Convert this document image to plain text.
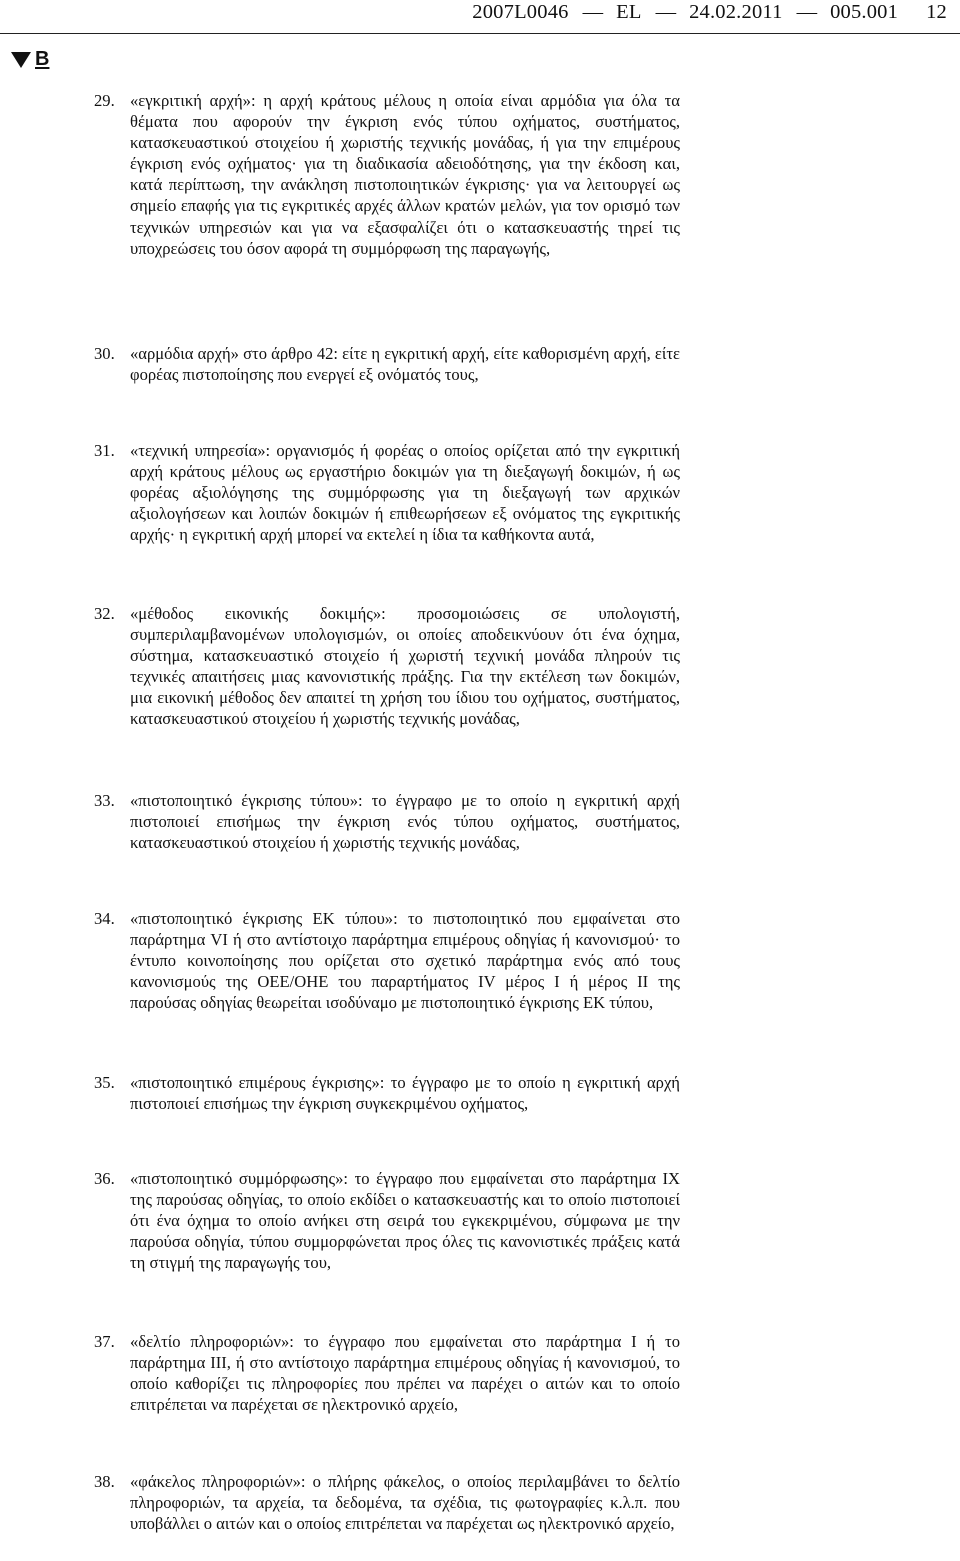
2007L0046 — EL — 24.02.2011 — 005.001 12
B
29. «εγκριτική αρχή»: η αρχή κράτους μέλους η οποία είναι αρμόδια για όλα τα θέματα που αφορούν την έγκριση ενός τύπου οχήματος, συστήματος, κατασκευαστικού στοιχείου ή χωριστής τεχνικής μονάδας, ή για την επιμέρους έγκριση ενός οχήματος· για τη διαδικασία αδειοδότησης, για την έκδοση και, κατά περίπτωση, την ανάκληση πιστοποιητικών έγκρισης· για να λειτουργεί ως σημείο επαφής για τις εγκριτικές αρχές άλλων κρατών μελών, για τον ορισμό των τεχνικών υπηρεσιών και για να εξασφαλίζει ότι ο κατασκευαστής τηρεί τις υποχρεώσεις του όσον αφορά τη συμμόρφωση της παραγωγής,
30. «αρμόδια αρχή» στο άρθρο 42: είτε η εγκριτική αρχή, είτε καθορισμένη αρχή, είτε φορέας πιστοποίησης που ενεργεί εξ ονόματός τους,
31. «τεχνική υπηρεσία»: οργανισμός ή φορέας ο οποίος ορίζεται από την εγκριτική αρχή κράτους μέλους ως εργαστήριο δοκιμών για τη διεξαγωγή δοκιμών, ή ως φορέας αξιολόγησης της συμμόρφωσης για τη διεξαγωγή των αρχικών αξιολογήσεων και λοιπών δοκιμών ή επιθεωρήσεων εξ ονόματος της εγκριτικής αρχής· η εγκριτική αρχή μπορεί να εκτελεί η ίδια τα καθήκοντα αυτά,
32. «μέθοδος εικονικής δοκιμής»: προσομοιώσεις σε υπολογιστή, συμπεριλαμβανομένων υπολογισμών, οι οποίες αποδεικνύουν ότι ένα όχημα, σύστημα, κατασκευαστικό στοιχείο ή χωριστή τεχνική μονάδα πληρούν τις τεχνικές απαιτήσεις μιας κανονιστικής πράξης. Για την εκτέλεση των δοκιμών, μια εικονική μέθοδος δεν απαιτεί τη χρήση του ίδιου του οχήματος, συστήματος, κατασκευαστικού στοιχείου ή χωριστής τεχνικής μονάδας,
33. «πιστοποιητικό έγκρισης τύπου»: το έγγραφο με το οποίο η εγκριτική αρχή πιστοποιεί επισήμως την έγκριση ενός τύπου οχήματος, συστήματος, κατασκευαστικού στοιχείου ή χωριστής τεχνικής μονάδας,
34. «πιστοποιητικό έγκρισης ΕΚ τύπου»: το πιστοποιητικό που εμφαίνεται στο παράρτημα VI ή στο αντίστοιχο παράρτημα επιμέρους οδηγίας ή κανονισμού· το έντυπο κοινοποίησης που ορίζεται στο σχετικό παράρτημα ενός από τους κανονισμούς της ΟΕΕ/ΟΗΕ του παραρτήματος IV μέρος I ή μέρος II της παρούσας οδηγίας θεωρείται ισοδύναμο με πιστοποιητικό έγκρισης ΕΚ τύπου,
35. «πιστοποιητικό επιμέρους έγκρισης»: το έγγραφο με το οποίο η εγκριτική αρχή πιστοποιεί επισήμως την έγκριση συγκεκριμένου οχήματος,
36. «πιστοποιητικό συμμόρφωσης»: το έγγραφο που εμφαίνεται στο παράρτημα IX της παρούσας οδηγίας, το οποίο εκδίδει ο κατασκευαστής και το οποίο πιστοποιεί ότι ένα όχημα το οποίο ανήκει στη σειρά του εγκεκριμένου, σύμφωνα με την παρούσα οδηγία, τύπου συμμορφώνεται προς όλες τις κανονιστικές πράξεις κατά τη στιγμή της παραγωγής του,
37. «δελτίο πληροφοριών»: το έγγραφο που εμφαίνεται στο παράρτημα I ή το παράρτημα III, ή στο αντίστοιχο παράρτημα επιμέρους οδηγίας ή κανονισμού, το οποίο καθορίζει τις πληροφορίες που πρέπει να παρέχει ο αιτών και το οποίο επιτρέπεται να παρέχεται σε ηλεκτρονικό αρχείο,
38. «φάκελος πληροφοριών»: ο πλήρης φάκελος, ο οποίος περιλαμβάνει το δελτίο πληροφοριών, τα αρχεία, τα δεδομένα, τα σχέδια, τις φωτογραφίες κ.λ.π. που υποβάλλει ο αιτών και ο οποίος επιτρέπεται να παρέχεται ως ηλεκτρονικό αρχείο,
